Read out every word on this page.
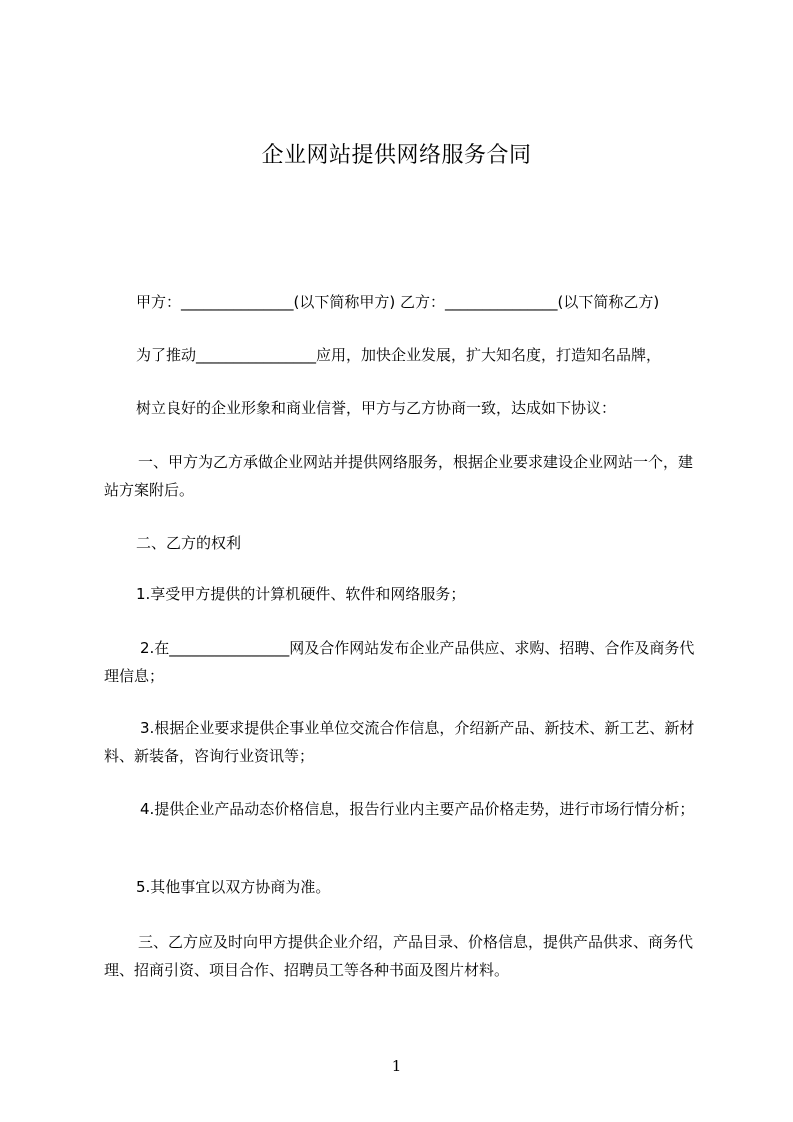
企业网站提供网络服务合同
甲方：_______________(以下简称甲方) 乙方：_______________(以下简称乙方)
为了推动________________应用，加快企业发展，扩大知名度，打造知名品牌，
树立良好的企业形象和商业信誉，甲方与乙方协商一致，达成如下协议：
一、甲方为乙方承做企业网站并提供网络服务，根据企业要求建设企业网站一个，建站方案附后。
二、乙方的权利
1.享受甲方提供的计算机硬件、软件和网络服务；
2.在________________网及合作网站发布企业产品供应、求购、招聘、合作及商务代理信息；
3.根据企业要求提供企事业单位交流合作信息，介绍新产品、新技术、新工艺、新材料、新装备，咨询行业资讯等；
4.提供企业产品动态价格信息，报告行业内主要产品价格走势，进行市场行情分析；
5.其他事宜以双方协商为准。
三、乙方应及时向甲方提供企业介绍，产品目录、价格信息，提供产品供求、商务代理、招商引资、项目合作、招聘员工等各种书面及图片材料。
1
